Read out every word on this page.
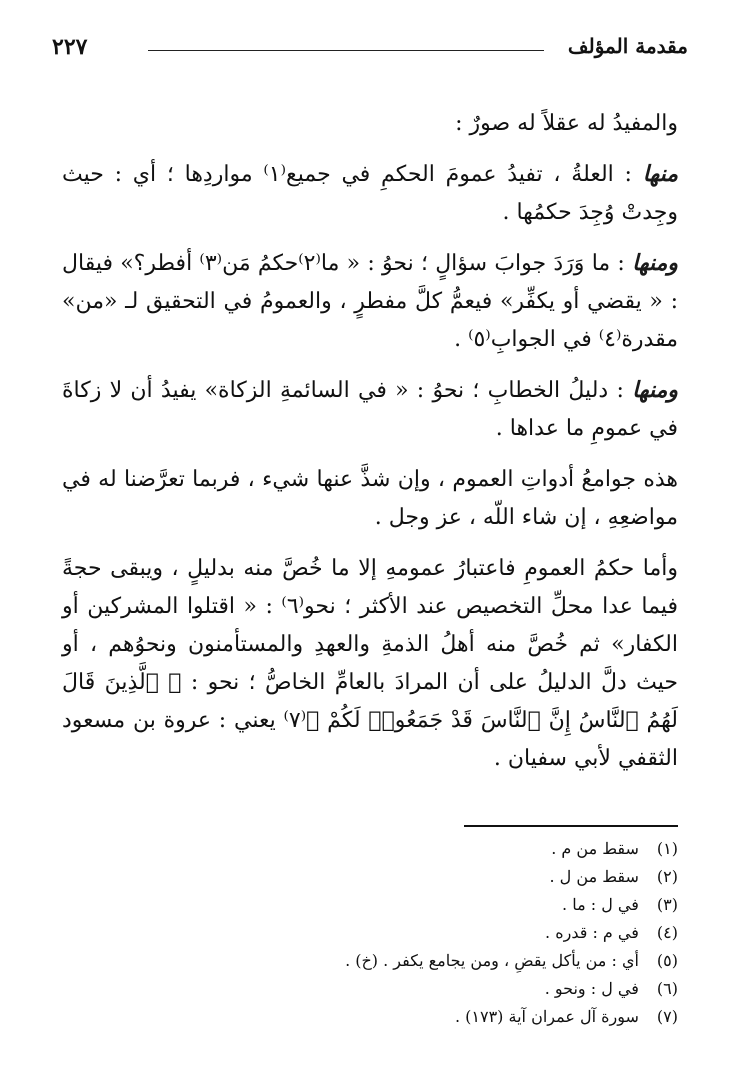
مقدمة المؤلف
٢٢٧

والمفيدُ له عقلاً له صورٌ :

منها : العلةُ ، تفيدُ عمومَ الحكمِ في جميع⁽١⁾ مواردِها ؛ أي : حيث وجِدتْ وُجِدَ حكمُها .

ومنها : ما وَرَدَ جوابَ سؤالٍ ؛ نحوُ : « ما⁽٢⁾حكمُ مَن⁽٣⁾ أفطر؟» فيقال : « يقضي أو يكفِّر» فيعمُّ كلَّ مفطرٍ ، والعمومُ في التحقيق لـ «من» مقدرة⁽٤⁾ في الجوابِ⁽٥⁾ .

ومنها : دليلُ الخطابِ ؛ نحوُ : « في السائمةِ الزكاة» يفيدُ أن لا زكاةَ في عمومِ ما عداها .

هذه جوامعُ أدواتِ العموم ، وإن شذَّ عنها شيء ، فربما تعرَّضنا له في مواضعِهِ ، إن شاء اللّه ، عز وجل .

وأما حكمُ العمومِ فاعتبارُ عمومهِ إلا ما خُصَّ منه بدليلٍ ، ويبقى حجةً فيما عدا محلِّ التخصيص عند الأكثر ؛ نحو⁽٦⁾ : « اقتلوا المشركين أو الكفار» ثم خُصَّ منه أهلُ الذمةِ والعهدِ والمستأمنون ونحوُهم ، أو حيث دلَّ الدليلُ على أن المرادَ بالعامِّ الخاصُّ ؛ نحو : ﴿ ٱلَّذِينَ قَالَ لَهُمُ ٱلنَّاسُ إِنَّ ٱلنَّاسَ قَدْ جَمَعُوا۟ لَكُمْ ﴾⁽٧⁾ يعني : عروة بن مسعود الثقفي لأبي سفيان .

(١) سقط من م .
(٢) سقط من ل .
(٣) في ل : ما .
(٤) في م : قدره .
(٥) أي : من يأكل يقضِ ، ومن يجامع يكفر . (خ) .
(٦) في ل : ونحو .
(٧) سورة آل عمران آية (١٧٣) .
